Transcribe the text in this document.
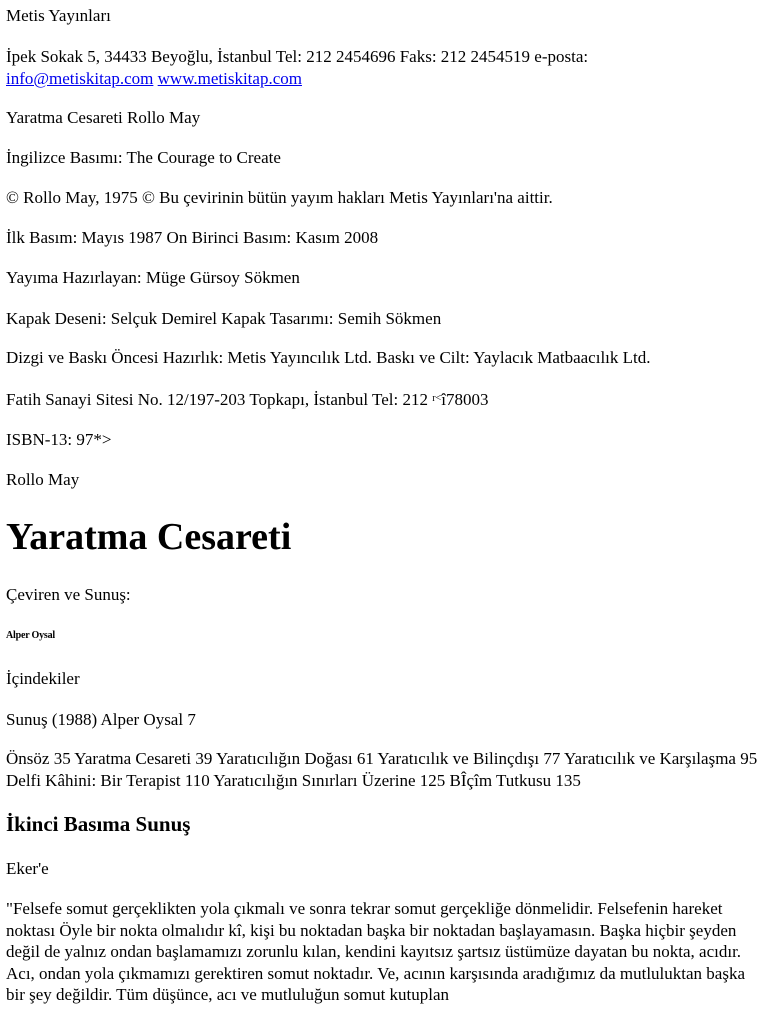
Metis Yayınları

İpek Sokak 5, 34433 Beyoğlu, İstanbul Tel: 212 2454696 Faks: 212 2454519 e-posta:
info@metiskitap.com www.metiskitap.com

Yaratma Cesareti Rollo May

İngilizce Basımı: The Courage to Create

© Rollo May, 1975 © Bu çevirinin bütün yayım hakları Metis Yayınları'na aittir.

İlk Basım: Mayıs 1987 On Birinci Basım: Kasım 2008

Yayıma Hazırlayan: Müge Gürsoy Sökmen

Kapak Deseni: Selçuk Demirel Kapak Tasarımı: Semih Sökmen

Dizgi ve Baskı Öncesi Hazırlık: Metis Yayıncılık Ltd. Baskı ve Cilt: Yaylacık Matbaacılık Ltd.

Fatih Sanayi Sitesi No. 12/197-203 Topkapı, İstanbul Tel: 212 $^{r<}$î78003

ISBN-13: 97*>

Rollo May

Yaratma Cesareti

Çeviren ve Sunuş:

Alper Oysal

İçindekiler

Sunuş (1988) Alper Oysal 7

Önsöz 35 Yaratma Cesareti 39 Yaratıcılığın Doğası 61 Yaratıcılık ve Bilinçdışı 77 Yaratıcılık ve Karşılaşma 95 Delfi Kâhini: Bir Terapist 110 Yaratıcılığın Sınırları Üzerine 125 BÎçîm Tutkusu 135

İkinci Basıma Sunuş

Eker'e

"Felsefe somut gerçeklikten yola çıkmalı ve sonra tekrar somut gerçekliğe dönmelidir. Felsefenin hareket noktası Öyle bir nokta olmalıdır kî, kişi bu noktadan başka bir noktadan başlayamasın. Başka hiçbir şeyden değil de yalnız ondan başlamamızı zorunlu kılan, kendini kayıtsız şartsız üstümüze dayatan bu nokta, acıdır. Acı, ondan yola çıkmamızı gerektiren somut noktadır. Ve, acının karşısında aradığımız da mutluluktan başka bir şey değildir. Tüm düşünce, acı ve mutluluğun somut kutuplan
